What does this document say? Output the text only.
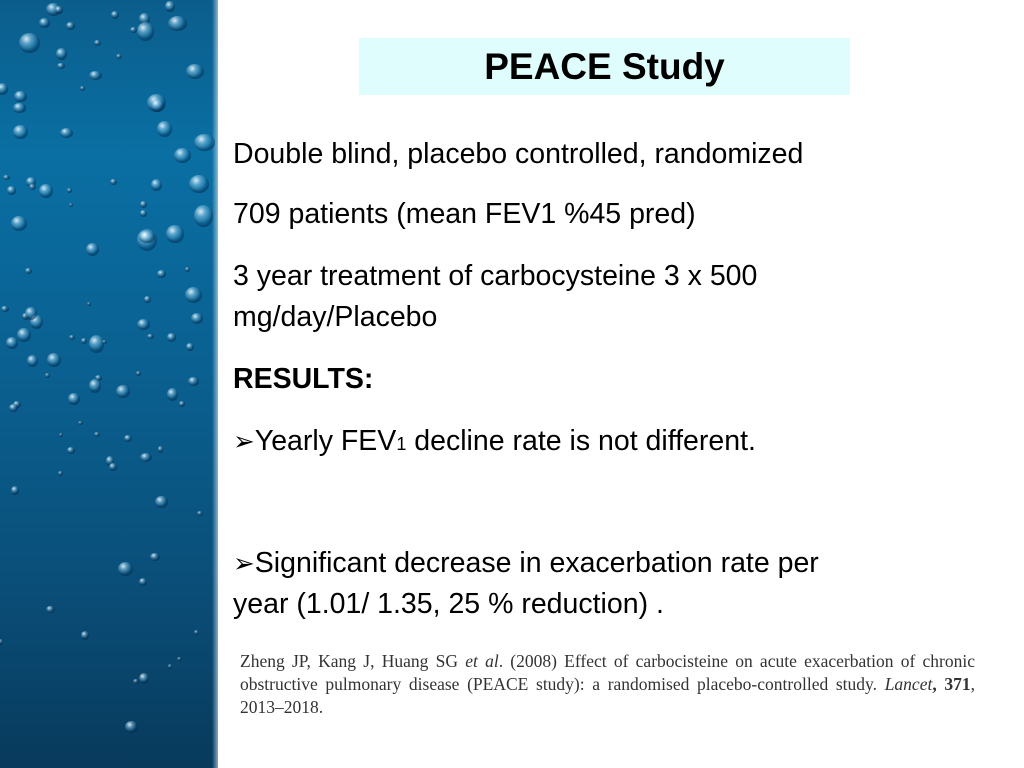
PEACE Study
Double blind, placebo controlled, randomized
709 patients (mean FEV1 %45 pred)
3 year treatment of carbocysteine 3 x 500
mg/day/Placebo
RESULTS:
➢Yearly FEV1 decline rate is not different.
➢Significant decrease in exacerbation rate per
year (1.01/ 1.35, 25 % reduction) .
Zheng JP, Kang J, Huang SG et al. (2008) Effect of carbocisteine on acute exacerbation of chronic obstructive pulmonary disease (PEACE study): a randomised placebo-controlled study. Lancet, 371, 2013–2018.
